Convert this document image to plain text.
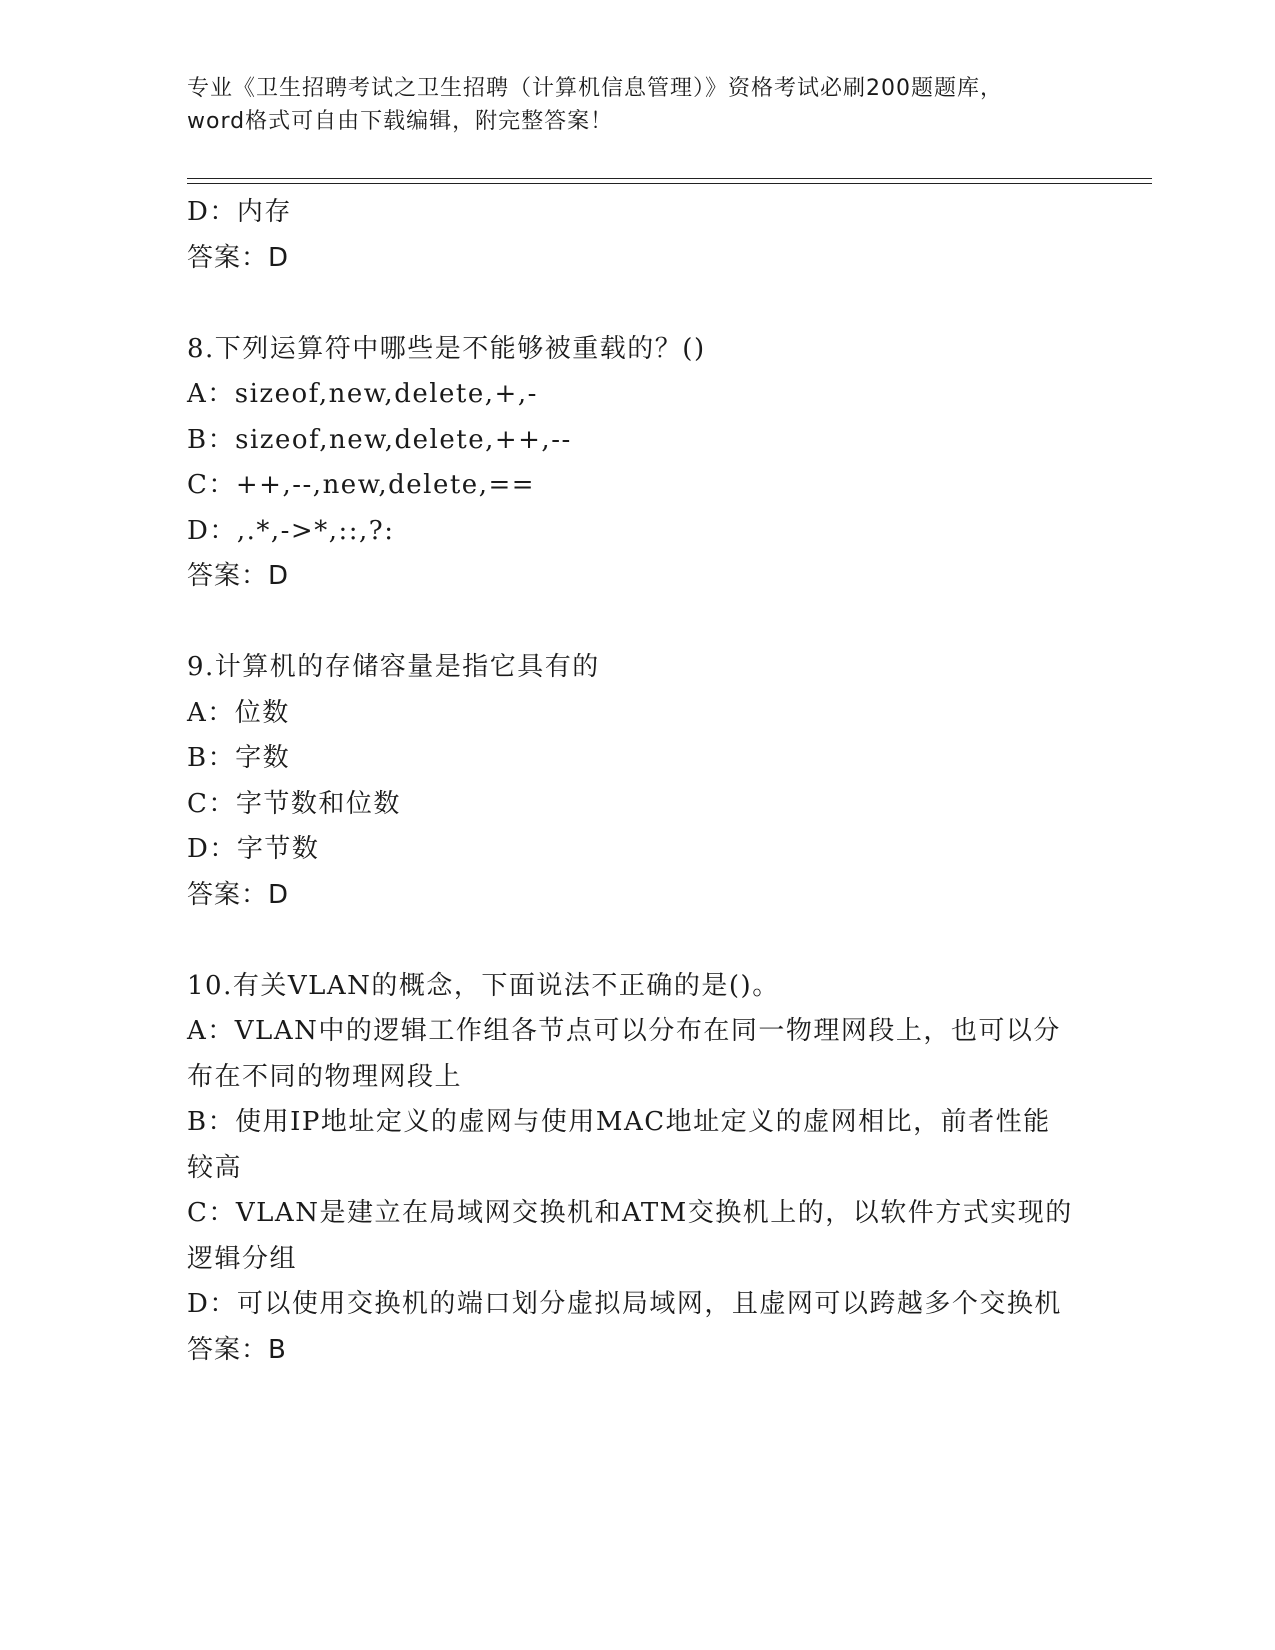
专业《卫生招聘考试之卫生招聘（计算机信息管理）》资格考试必刷200题题库，
word格式可自由下载编辑，附完整答案！
D：内存
答案：D
8.下列运算符中哪些是不能够被重载的？()
A：sizeof,new,delete,+,-
B：sizeof,new,delete,++,--
C：++,--,new,delete,==
D：,.*,->*,::,?:
答案：D
9.计算机的存储容量是指它具有的
A：位数
B：字数
C：字节数和位数
D：字节数
答案：D
10.有关VLAN的概念，下面说法不正确的是()。
A：VLAN中的逻辑工作组各节点可以分布在同一物理网段上，也可以分布在不同的物理网段上
B：使用IP地址定义的虚网与使用MAC地址定义的虚网相比，前者性能较高
C：VLAN是建立在局域网交换机和ATM交换机上的，以软件方式实现的逻辑分组
D：可以使用交换机的端口划分虚拟局域网，且虚网可以跨越多个交换机
答案：B
